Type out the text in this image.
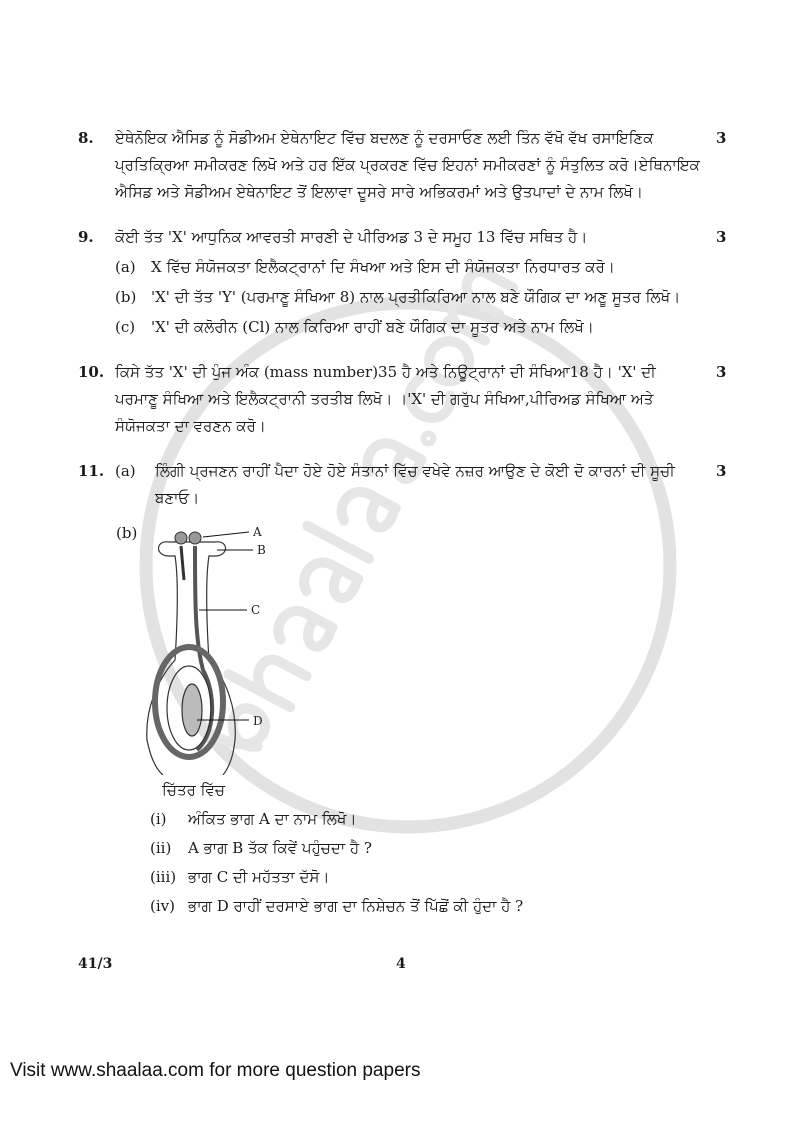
8. ਏਥੇਨੋਇਕ ਐਸਿਡ ਨੂੰ ਸੋਡੀਅਮ ਏਥੇਨਾਇਟ ਵਿੱਚ ਬਦਲਣ ਨੂੰ ਦਰਸਾਓਣ ਲਈ ਤਿੰਨ ਵੱਖੋ ਵੱਖ ਰਸਾਇਣਿਕ ਪ੍ਰਤਿਕ੍ਰਿਆ ਸਮੀਕਰਣ ਲਿਖੋ ਅਤੇ ਹਰ ਇੱਕ ਪ੍ਰਕਰਣ ਵਿੱਚ ਇਹਨਾਂ ਸਮੀਕਰਣਾਂ ਨੂੰ ਸੰਤੁਲਿਤ ਕਰੋ।ਏਥਿਨਾਇਕ ਐਸਿਡ ਅਤੇ ਸੋਡੀਅਮ ਏਥੇਨਾਇਟ ਤੋਂ ਇਲਾਵਾ ਦੂਸਰੇ ਸਾਰੇ ਅਭਿਕਰਮਾਂ ਅਤੇ ਉਤਪਾਦਾਂ ਦੇ ਨਾਮ ਲਿਖੋ।
3
9. ਕੋਈ ਤੱਤ 'X' ਆਧੁਨਿਕ ਆਵਰਤੀ ਸਾਰਣੀ ਦੇ ਪੀਰਿਅਡ 3 ਦੇ ਸਮੂਹ 13 ਵਿੱਚ ਸਥਿਤ ਹੈ।
(a) X ਵਿੱਚ ਸੰਯੋਜਕਤਾ ਇਲੈਕਟ੍ਰਾਨਾਂ ਦਿ ਸੰਖਆ ਅਤੇ ਇਸ ਦੀ ਸੰਯੋਜਕਤਾ ਨਿਰਧਾਰਤ ਕਰੋ।
(b) 'X' ਦੀ ਤੱਤ 'Y' (ਪਰਮਾਣੂ ਸੰਖਿਆ 8) ਨਾਲ ਪ੍ਰਤੀਕਿਰਿਆ ਨਾਲ ਬਣੇ ਯੌਗਿਕ ਦਾ ਅਣੂ ਸੂਤਰ ਲਿਖੋ।
(c) 'X' ਦੀ ਕਲੋਰੀਨ (Cl) ਨਾਲ ਕਿਰਿਆ ਰਾਹੀਂ ਬਣੇ ਯੌਗਿਕ ਦਾ ਸੂਤਰ ਅਤੇ ਨਾਮ ਲਿਖੋ।
3
10. ਕਿਸੇ ਤੱਤ 'X' ਦੀ ਪੁੰਜ ਅੰਕ (mass number)35 ਹੈ ਅਤੇ ਨਿਊਟ੍ਰਾਨਾਂ ਦੀ ਸੰਖਿਆ18 ਹੈ। 'X' ਦੀ ਪਰਮਾਣੂ ਸੰਖਿਆ ਅਤੇ ਇਲੈਕਟ੍ਰਾਨੀ ਤਰਤੀਬ ਲਿਖੋ। ।'X' ਦੀ ਗਰੁੱਪ ਸੰਖਿਆ,ਪੀਰਿਅਡ ਸੰਖਿਆ ਅਤੇ ਸੰਯੋਜਕਤਾ ਦਾ ਵਰਣਨ ਕਰੋ।
3
11. (a) ਲਿੰਗੀ ਪ੍ਰਜਣਨ ਰਾਹੀਂ ਪੈਦਾ ਹੋਏ ਹੋਏ ਸੰਤਾਨਾਂ ਵਿੱਚ ਵਖੇਵੇ ਨਜ਼ਰ ਆਉਣ ਦੇ ਕੋਈ ਦੋ ਕਾਰਨਾਂ ਦੀ ਸੂਚੀ ਬਣਾਓ।
3
(b)	A
B
C
D
ਚਿੱਤਰ ਵਿੱਚ
(i)	ਅੰਕਿਤ ਭਾਗ A ਦਾ ਨਾਮ ਲਿਖੋ।
(ii)	A ਭਾਗ B ਤੱਕ ਕਿਵੇਂ ਪਹੁੰਚਦਾ ਹੈ ?
(iii) ਭਾਗ C ਦੀ ਮਹੱਤਤਾ ਦੱਸੋ।
(iv) ਭਾਗ D ਰਾਹੀਂ ਦਰਸਾਏ ਭਾਗ ਦਾ ਨਿਸ਼ੇਚਨ ਤੋਂ ਪਿੱਛੋਂ ਕੀ ਹੁੰਦਾ ਹੈ ?
41/3	4
Visit www.shaalaa.com for more question papers
